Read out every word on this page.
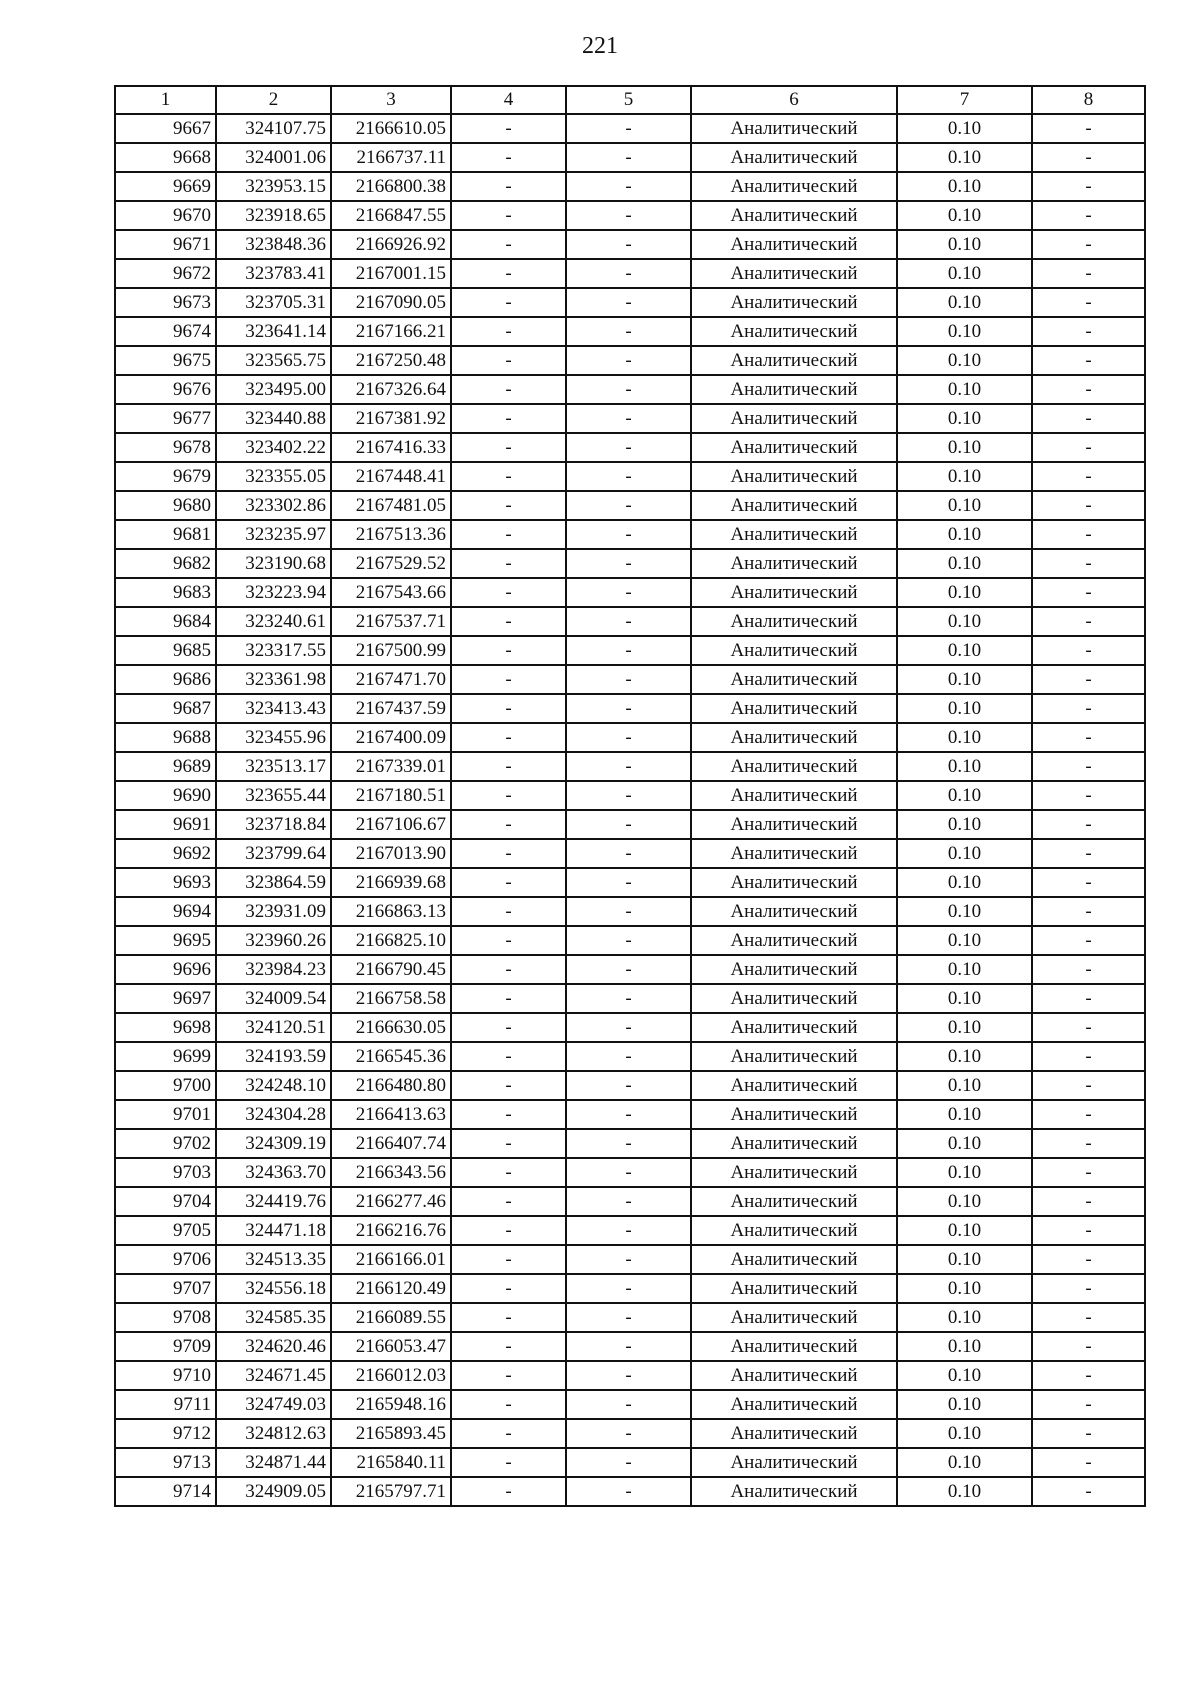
221
1	2	3	4	5	6	7	8
9667	324107.75	2166610.05	-	-	Аналитический	0.10	-
9668	324001.06	2166737.11	-	-	Аналитический	0.10	-
9669	323953.15	2166800.38	-	-	Аналитический	0.10	-
9670	323918.65	2166847.55	-	-	Аналитический	0.10	-
9671	323848.36	2166926.92	-	-	Аналитический	0.10	-
9672	323783.41	2167001.15	-	-	Аналитический	0.10	-
9673	323705.31	2167090.05	-	-	Аналитический	0.10	-
9674	323641.14	2167166.21	-	-	Аналитический	0.10	-
9675	323565.75	2167250.48	-	-	Аналитический	0.10	-
9676	323495.00	2167326.64	-	-	Аналитический	0.10	-
9677	323440.88	2167381.92	-	-	Аналитический	0.10	-
9678	323402.22	2167416.33	-	-	Аналитический	0.10	-
9679	323355.05	2167448.41	-	-	Аналитический	0.10	-
9680	323302.86	2167481.05	-	-	Аналитический	0.10	-
9681	323235.97	2167513.36	-	-	Аналитический	0.10	-
9682	323190.68	2167529.52	-	-	Аналитический	0.10	-
9683	323223.94	2167543.66	-	-	Аналитический	0.10	-
9684	323240.61	2167537.71	-	-	Аналитический	0.10	-
9685	323317.55	2167500.99	-	-	Аналитический	0.10	-
9686	323361.98	2167471.70	-	-	Аналитический	0.10	-
9687	323413.43	2167437.59	-	-	Аналитический	0.10	-
9688	323455.96	2167400.09	-	-	Аналитический	0.10	-
9689	323513.17	2167339.01	-	-	Аналитический	0.10	-
9690	323655.44	2167180.51	-	-	Аналитический	0.10	-
9691	323718.84	2167106.67	-	-	Аналитический	0.10	-
9692	323799.64	2167013.90	-	-	Аналитический	0.10	-
9693	323864.59	2166939.68	-	-	Аналитический	0.10	-
9694	323931.09	2166863.13	-	-	Аналитический	0.10	-
9695	323960.26	2166825.10	-	-	Аналитический	0.10	-
9696	323984.23	2166790.45	-	-	Аналитический	0.10	-
9697	324009.54	2166758.58	-	-	Аналитический	0.10	-
9698	324120.51	2166630.05	-	-	Аналитический	0.10	-
9699	324193.59	2166545.36	-	-	Аналитический	0.10	-
9700	324248.10	2166480.80	-	-	Аналитический	0.10	-
9701	324304.28	2166413.63	-	-	Аналитический	0.10	-
9702	324309.19	2166407.74	-	-	Аналитический	0.10	-
9703	324363.70	2166343.56	-	-	Аналитический	0.10	-
9704	324419.76	2166277.46	-	-	Аналитический	0.10	-
9705	324471.18	2166216.76	-	-	Аналитический	0.10	-
9706	324513.35	2166166.01	-	-	Аналитический	0.10	-
9707	324556.18	2166120.49	-	-	Аналитический	0.10	-
9708	324585.35	2166089.55	-	-	Аналитический	0.10	-
9709	324620.46	2166053.47	-	-	Аналитический	0.10	-
9710	324671.45	2166012.03	-	-	Аналитический	0.10	-
9711	324749.03	2165948.16	-	-	Аналитический	0.10	-
9712	324812.63	2165893.45	-	-	Аналитический	0.10	-
9713	324871.44	2165840.11	-	-	Аналитический	0.10	-
9714	324909.05	2165797.71	-	-	Аналитический	0.10	-
